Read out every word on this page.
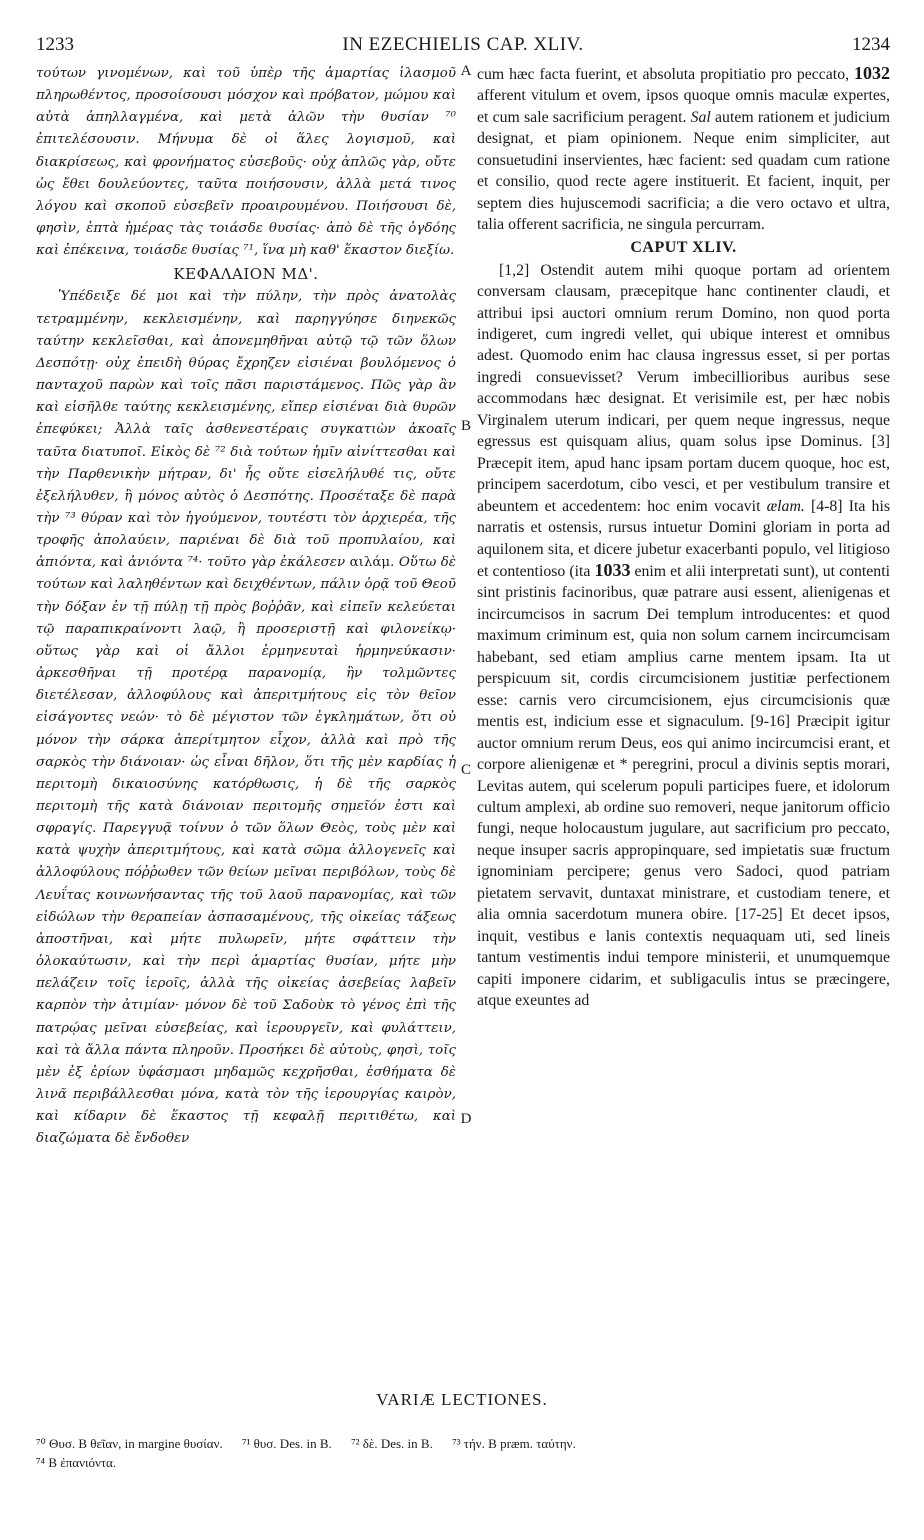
1233	IN EZECHIELIS CAP. XLIV.	1234

τούτων γινομένων, καὶ τοῦ ὑπὲρ τῆς ἁμαρτίας ἱλασμοῦ πληρωθέντος, προσοίσουσι μόσχον καὶ πρόβατον, μώμου καὶ αὐτὰ ἀπηλλαγμένα, καὶ μετὰ ἁλῶν τὴν θυσίαν ⁷⁰ ἐπιτελέσουσιν. Μήνυμα δὲ οἱ ἅλες λογισμοῦ, καὶ διακρίσεως, καὶ φρονήματος εὐσεβοῦς· οὐχ ἁπλῶς γὰρ, οὔτε ὡς ἔθει δουλεύοντες, ταῦτα ποιήσουσιν, ἀλλὰ μετά τινος λόγου καὶ σκοποῦ εὐσεβεῖν προαιρουμένου. Ποιήσουσι δὲ, φησὶν, ἑπτὰ ἡμέρας τὰς τοιάσδε θυσίας· ἀπὸ δὲ τῆς ὀγδόης καὶ ἐπέκεινα, τοιάσδε θυσίας ⁷¹, ἵνα μὴ καθ' ἕκαστον διεξίω.

ΚΕΦΑΛΑΙΟΝ ΜΔ'.

Ὑπέδειξε δέ μοι καὶ τὴν πύλην, τὴν πρὸς ἀνατολὰς τετραμμένην, κεκλεισμένην, καὶ παρηγγύησε διηνεκῶς ταύτην κεκλεῖσθαι, καὶ ἀπονεμηθῆναι αὐτῷ τῷ τῶν ὅλων Δεσπότῃ· οὐχ ἐπειδὴ θύρας ἔχρηζεν εἰσιέναι βουλόμενος ὁ πανταχοῦ παρὼν καὶ τοῖς πᾶσι παριστάμενος. Πῶς γὰρ ἂν καὶ εἰσῆλθε ταύτης κεκλεισμένης, εἴπερ εἰσιέναι διὰ θυρῶν ἐπεφύκει; Ἀλλὰ ταῖς ἀσθενεστέραις συγκατιὼν ἀκοαῖς ταῦτα διατυποῖ. Εἰκὸς δὲ ⁷² διὰ τούτων ἡμῖν αἰνίττεσθαι καὶ τὴν Παρθενικὴν μήτραν, δι' ἧς οὔτε εἰσελήλυθέ τις, οὔτε ἐξελήλυθεν, ἢ μόνος αὐτὸς ὁ Δεσπότης. Προσέταξε δὲ παρὰ τὴν ⁷³ θύραν καὶ τὸν ἡγούμενον, τουτέστι τὸν ἀρχιερέα, τῆς τροφῆς ἀπολαύειν, παριέναι δὲ διὰ τοῦ προπυλαίου, καὶ ἀπιόντα, καὶ ἀνιόντα ⁷⁴· τοῦτο γὰρ ἐκάλεσεν αιλάμ. Οὕτω δὲ τούτων καὶ λαληθέντων καὶ δειχθέντων, πάλιν ὁρᾷ τοῦ Θεοῦ τὴν δόξαν ἐν τῇ πύλῃ τῇ πρὸς βοῤῥᾶν, καὶ εἰπεῖν κελεύεται τῷ παραπικραίνοντι λαῷ, ἢ προσεριστῇ καὶ φιλονείκῳ· οὕτως γὰρ καὶ οἱ ἄλλοι ἑρμηνευταὶ ἡρμηνεύκασιν· ἀρκεσθῆναι τῇ προτέρᾳ παρανομίᾳ, ἣν τολμῶντες διετέλεσαν, ἀλλοφύλους καὶ ἀπεριτμήτους εἰς τὸν θεῖον εἰσάγοντες νεών· τὸ δὲ μέγιστον τῶν ἐγκλημάτων, ὅτι οὐ μόνον τὴν σάρκα ἀπερίτμητον εἶχον, ἀλλὰ καὶ πρὸ τῆς σαρκὸς τὴν διάνοιαν· ὡς εἶναι δῆλον, ὅτι τῆς μὲν καρδίας ἡ περιτομὴ δικαιοσύνης κατόρθωσις, ἡ δὲ τῆς σαρκὸς περιτομὴ τῆς κατὰ διάνοιαν περιτομῆς σημεῖόν ἐστι καὶ σφραγίς. Παρεγγυᾷ τοίνυν ὁ τῶν ὅλων Θεὸς, τοὺς μὲν καὶ κατὰ ψυχὴν ἀπεριτμήτους, καὶ κατὰ σῶμα ἀλλογενεῖς καὶ ἀλλοφύλους πόῤῥωθεν τῶν θείων μεῖναι περιβόλων, τοὺς δὲ Λευΐτας κοινωνήσαντας τῆς τοῦ λαοῦ παρανομίας, καὶ τῶν εἰδώλων τὴν θεραπείαν ἀσπασαμένους, τῆς οἰκείας τάξεως ἀποστῆναι, καὶ μήτε πυλωρεῖν, μήτε σφάττειν τὴν ὁλοκαύτωσιν, καὶ τὴν περὶ ἁμαρτίας θυσίαν, μήτε μὴν πελάζειν τοῖς ἱεροῖς, ἀλλὰ τῆς οἰκείας ἀσεβείας λαβεῖν καρπὸν τὴν ἀτιμίαν· μόνον δὲ τοῦ Σαδοὺκ τὸ γένος ἐπὶ τῆς πατρῴας μεῖναι εὐσεβείας, καὶ ἱερουργεῖν, καὶ φυλάττειν, καὶ τὰ ἄλλα πάντα πληροῦν. Προσήκει δὲ αὐτοὺς, φησὶ, τοῖς μὲν ἐξ ἐρίων ὑφάσμασι μηδαμῶς κεχρῆσθαι, ἐσθήματα δὲ λινᾶ περιβάλλεσθαι μόνα, κατὰ τὸν τῆς ἱερουργίας καιρὸν, καὶ κίδαριν δὲ ἕκαστος τῇ κεφαλῇ περιτιθέτω, καὶ διαζώματα δὲ ἔνδοθεν

A
B
C
D

cum hæc facta fuerint, et absoluta propitiatio pro peccato, 1032 afferent vitulum et ovem, ipsos quoque omnis maculæ expertes, et cum sale sacrificium peragent. Sal autem rationem et judicium designat, et piam opinionem. Neque enim simpliciter, aut consuetudini inservientes, hæc facient: sed quadam cum ratione et consilio, quod recte agere instituerit. Et facient, inquit, per septem dies hujuscemodi sacrificia; a die vero octavo et ultra, talia offerent sacrificia, ne singula percurram.

CAPUT XLIV.

[1,2] Ostendit autem mihi quoque portam ad orientem conversam clausam, præcepitque hanc continenter claudi, et attribui ipsi auctori omnium rerum Domino, non quod porta indigeret, cum ingredi vellet, qui ubique interest et omnibus adest. Quomodo enim hac clausa ingressus esset, si per portas ingredi consuevisset? Verum imbecillioribus auribus sese accommodans hæc designat. Et verisimile est, per hæc nobis Virginalem uterum indicari, per quem neque ingressus, neque egressus est quisquam alius, quam solus ipse Dominus. [3] Præcepit item, apud hanc ipsam portam ducem quoque, hoc est, principem sacerdotum, cibo vesci, et per vestibulum transire et abeuntem et accedentem: hoc enim vocavit ælam. [4-8] Ita his narratis et ostensis, rursus intuetur Domini gloriam in porta ad aquilonem sita, et dicere jubetur exacerbanti populo, vel litigioso et contentioso (ita 1033 enim et alii interpretati sunt), ut contenti sint pristinis facinoribus, quæ patrare ausi essent, alienigenas et incircumcisos in sacrum Dei templum introducentes: et quod maximum criminum est, quia non solum carnem incircumcisam habebant, sed etiam amplius carne mentem ipsam. Ita ut perspicuum sit, cordis circumcisionem justitiæ perfectionem esse: carnis vero circumcisionem, ejus circumcisionis quæ mentis est, indicium esse et signaculum. [9-16] Præcipit igitur auctor omnium rerum Deus, eos qui animo incircumcisi erant, et corpore alienigenæ et * peregrini, procul a divinis septis morari, Levitas autem, qui scelerum populi participes fuere, et idolorum cultum amplexi, ab ordine suo removeri, neque janitorum officio fungi, neque holocaustum jugulare, aut sacrificium pro peccato, neque insuper sacris appropinquare, sed impietatis suæ fructum ignominiam percipere; genus vero Sadoci, quod patriam pietatem servavit, duntaxat ministrare, et custodiam tenere, et alia omnia sacerdotum munera obire. [17-25] Et decet ipsos, inquit, vestibus e lanis contextis nequaquam uti, sed lineis tantum vestimentis indui tempore ministerii, et unumquemque capiti imponere cidarim, et subligaculis intus se præcingere, atque exeuntes ad

VARIÆ LECTIONES.
⁷⁰ Θυσ. B θεῖαν, in margine θυσίαν. ⁷¹ θυσ. Des. in B. ⁷² δὲ. Des. in B. ⁷³ τήν. B præm. ταύτην.
⁷⁴ B ἐπανιόντα.
